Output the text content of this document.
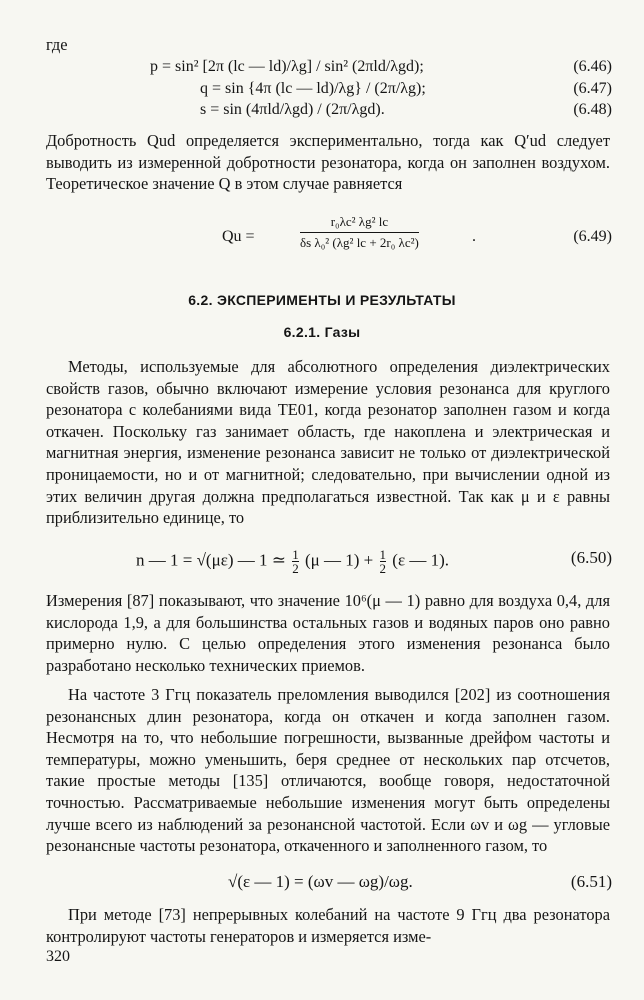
где
p = sin² [2π (lc — ld)/λg] / sin² (2πld/λgd);	(6.46)
q = sin {4π (lc — ld)/λg} / (2π/λg);	(6.47)
s = sin (4πld/λgd) / (2π/λgd).	(6.48)
Добротность Qud определяется экспериментально, тогда как Q′ud следует выводить из измеренной добротности резонатора, когда он заполнен воздухом. Теоретическое значение Q в этом случае равняется
Qu =
r₀λc² λg² lc
δs λ₀² (λg² lc + 2r₀ λc²)	.	(6.49)
6.2. ЭКСПЕРИМЕНТЫ И РЕЗУЛЬТАТЫ
6.2.1. Газы
Методы, используемые для абсолютного определения диэлектрических свойств газов, обычно включают измерение условия резонанса для круглого резонатора с колебаниями вида TE01, когда резонатор заполнен газом и когда откачен. Поскольку газ занимает область, где накоплена и электрическая и магнитная энергия, изменение резонанса зависит не только от диэлектрической проницаемости, но и от магнитной; следовательно, при вычислении одной из этих величин другая должна предполагаться известной. Так как μ и ε равны приблизительно единице, то
n — 1 = √(με) — 1 ≃ $\frac{1}{2} (\mu$ — $1) + \frac{1}{2} (\varepsilon$ — 1).	(6.50)
Измерения [87] показывают, что значение 10⁶(μ — 1) равно для воздуха 0,4, для кислорода 1,9, а для большинства остальных газов и водяных паров оно равно примерно нулю. С целью определения этого изменения резонанса было разработано несколько технических приемов.
На частоте 3 Ггц показатель преломления выводился [202] из соотношения резонансных длин резонатора, когда он откачен и когда заполнен газом. Несмотря на то, что небольшие погрешности, вызванные дрейфом частоты и температуры, можно уменьшить, беря среднее от нескольких пар отсчетов, такие простые методы [135] отличаются, вообще говоря, недостаточной точностью. Рассматриваемые небольшие изменения могут быть определены лучше всего из наблюдений за резонансной частотой. Если ωv и ωg — угловые резонансные частоты резонатора, откаченного и заполненного газом, то
√(ε — 1) = (ωv — ωg)/ωg.	(6.51)
При методе [73] непрерывных колебаний на частоте 9 Ггц два резонатора контролируют частоты генераторов и измеряется изме-
320
